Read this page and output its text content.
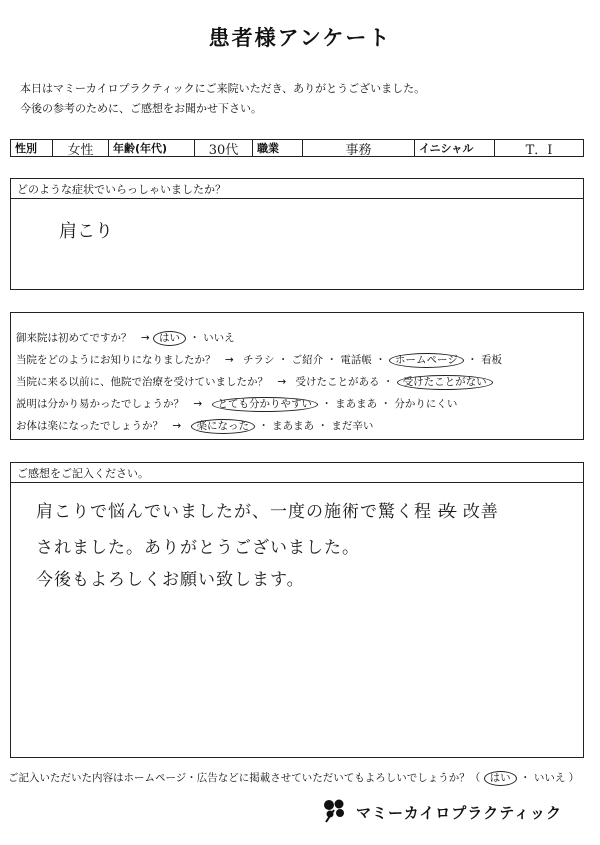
患者様アンケート
本日はマミーカイロプラクティックにご来院いただき、ありがとうございました。
今後の参考のために、ご感想をお聞かせ下さい。
性別	女性	年齢(年代)	30代	職業	事務	イニシャル	T．I
どのような症状でいらっしゃいましたか？
肩こり
御来院は初めてですか？ → はい ・ いいえ
当院をどのようにお知りになりましたか？ → チラシ ・ ご紹介 ・ 電話帳 ・ ホームページ ・ 看板
当院に来る以前に、他院で治療を受けていましたか？ → 受けたことがある ・ 受けたことがない
説明は分かり易かったでしょうか？ → とても分かりやすい ・ まあまあ ・ 分かりにくい
お体は楽になったでしょうか？ → 楽になった ・ まあまあ ・ まだ辛い
ご感想をご記入ください。
肩こりで悩んでいましたが、一度の施術で驚く程 改 改善
されました。ありがとうございました。
今後もよろしくお願い致します。
ご記入いただいた内容はホームページ・広告などに掲載させていただいてもよろしいでしょうか？（ はい ・ いいえ ）
マミーカイロプラクティック
